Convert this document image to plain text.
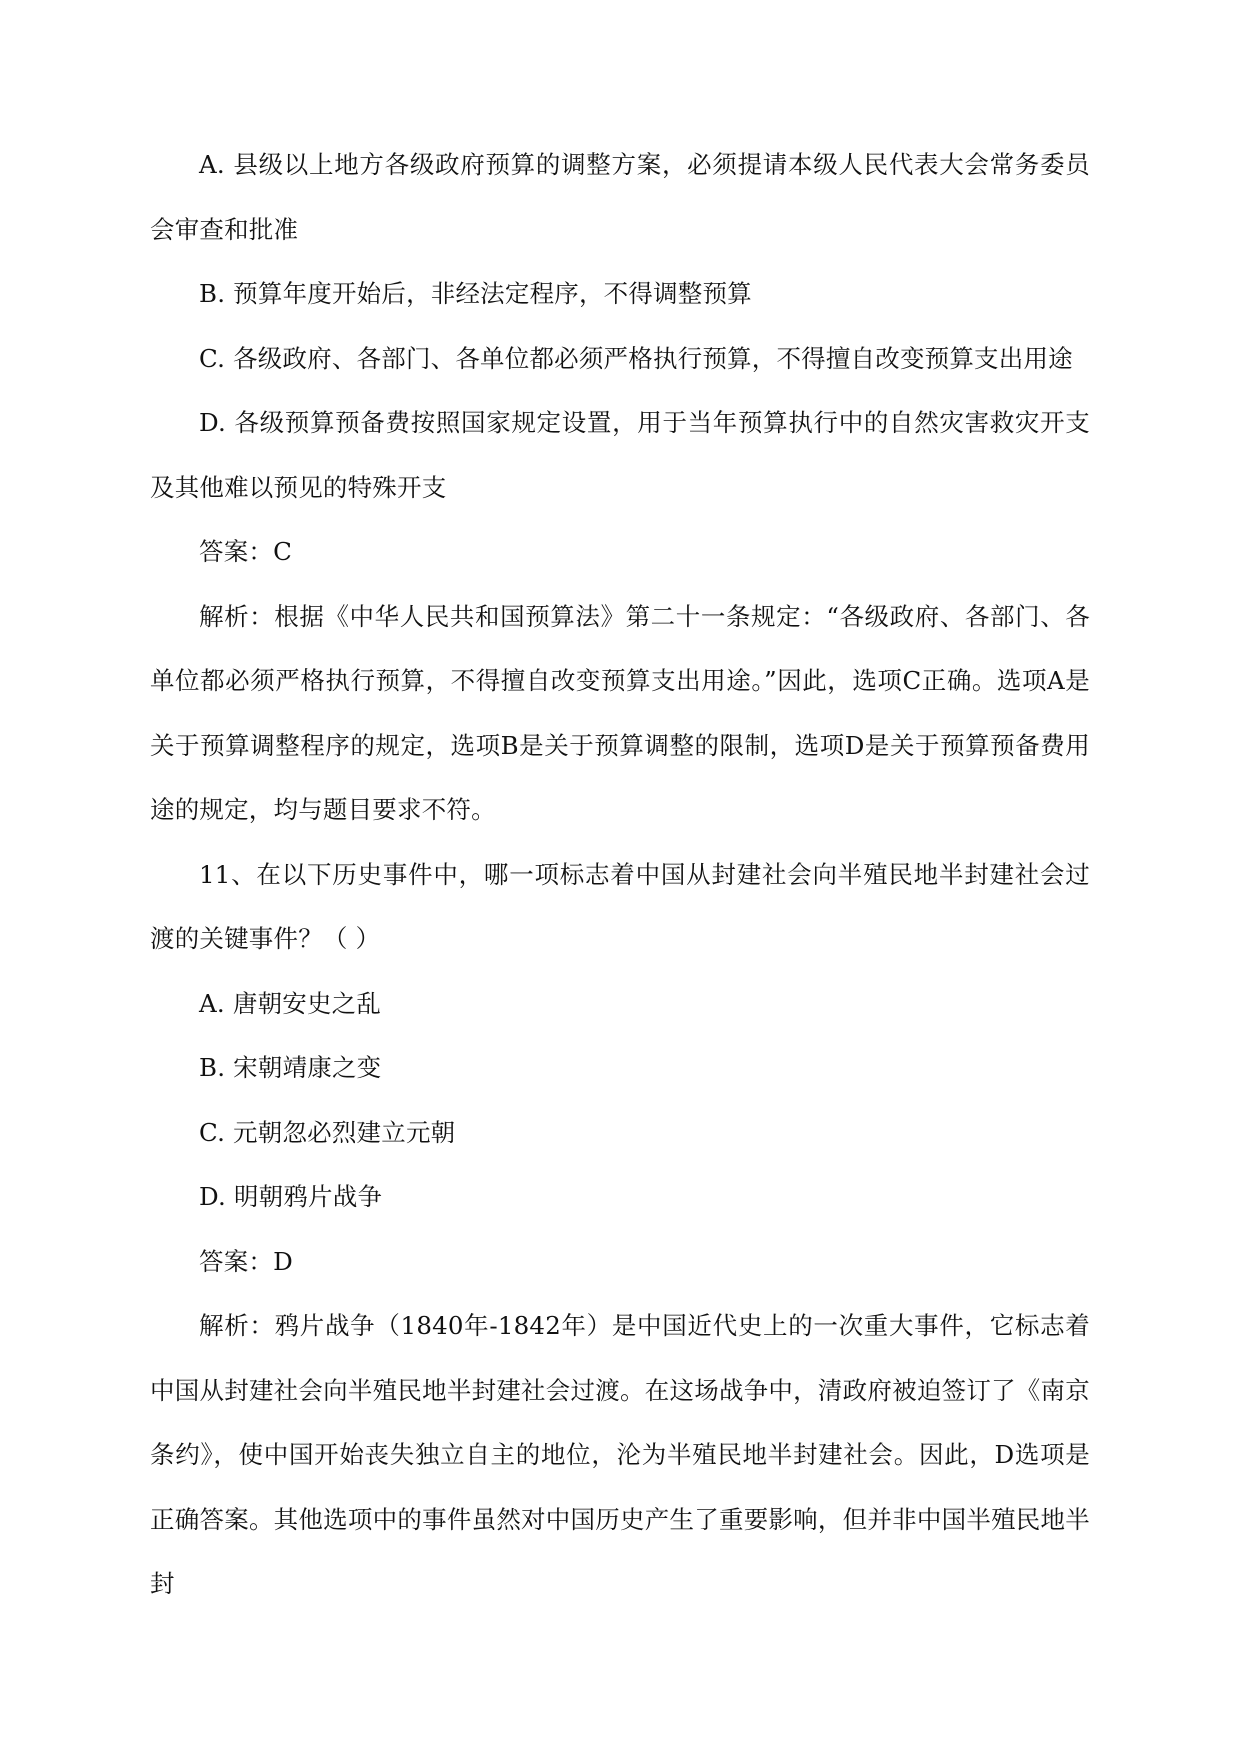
A. 县级以上地方各级政府预算的调整方案，必须提请本级人民代表大会常务委员会审查和批准

B. 预算年度开始后，非经法定程序，不得调整预算

C. 各级政府、各部门、各单位都必须严格执行预算，不得擅自改变预算支出用途

D. 各级预算预备费按照国家规定设置，用于当年预算执行中的自然灾害救灾开支及其他难以预见的特殊开支

答案：C

解析：根据《中华人民共和国预算法》第二十一条规定：“各级政府、各部门、各单位都必须严格执行预算，不得擅自改变预算支出用途。”因此，选项C正确。选项A是关于预算调整程序的规定，选项B是关于预算调整的限制，选项D是关于预算预备费用途的规定，均与题目要求不符。

11、在以下历史事件中，哪一项标志着中国从封建社会向半殖民地半封建社会过渡的关键事件？（ ）

A. 唐朝安史之乱

B. 宋朝靖康之变

C. 元朝忽必烈建立元朝

D. 明朝鸦片战争

答案：D

解析：鸦片战争（1840年-1842年）是中国近代史上的一次重大事件，它标志着中国从封建社会向半殖民地半封建社会过渡。在这场战争中，清政府被迫签订了《南京条约》，使中国开始丧失独立自主的地位，沦为半殖民地半封建社会。因此，D选项是正确答案。其他选项中的事件虽然对中国历史产生了重要影响，但并非中国半殖民地半封
